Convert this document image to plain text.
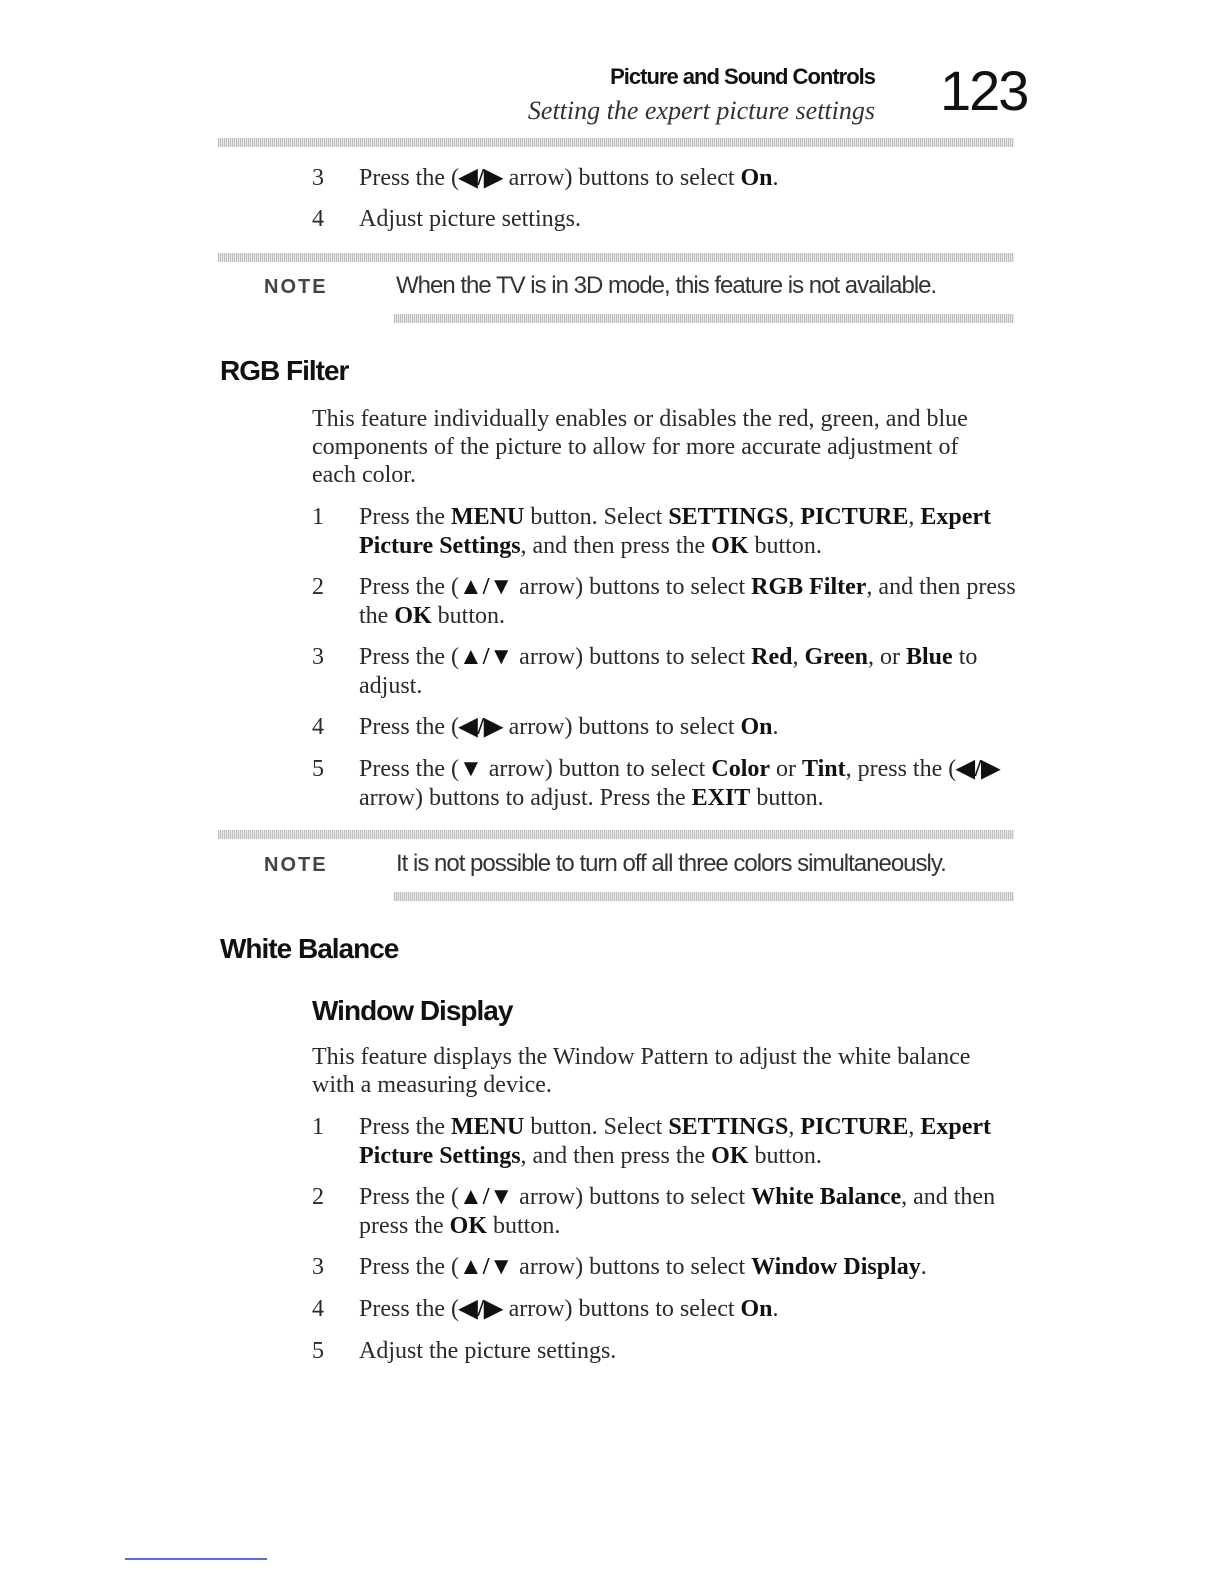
Picture and Sound Controls
Setting the expert picture settings 123
3	Press the (◀/▶ arrow) buttons to select On.
4	Adjust picture settings.
NOTE	When the TV is in 3D mode, this feature is not available.
RGB Filter
This feature individually enables or disables the red, green, and blue components of the picture to allow for more accurate adjustment of each color.
1	Press the MENU button. Select SETTINGS, PICTURE, Expert Picture Settings, and then press the OK button.
2	Press the (▲/▼ arrow) buttons to select RGB Filter, and then press the OK button.
3	Press the (▲/▼ arrow) buttons to select Red, Green, or Blue to adjust.
4	Press the (◀/▶ arrow) buttons to select On.
5	Press the (▼ arrow) button to select Color or Tint, press the (◀/▶ arrow) buttons to adjust. Press the EXIT button.
NOTE	It is not possible to turn off all three colors simultaneously.
White Balance
Window Display
This feature displays the Window Pattern to adjust the white balance with a measuring device.
1	Press the MENU button. Select SETTINGS, PICTURE, Expert Picture Settings, and then press the OK button.
2	Press the (▲/▼ arrow) buttons to select White Balance, and then press the OK button.
3	Press the (▲/▼ arrow) buttons to select Window Display.
4	Press the (◀/▶ arrow) buttons to select On.
5	Adjust the picture settings.
